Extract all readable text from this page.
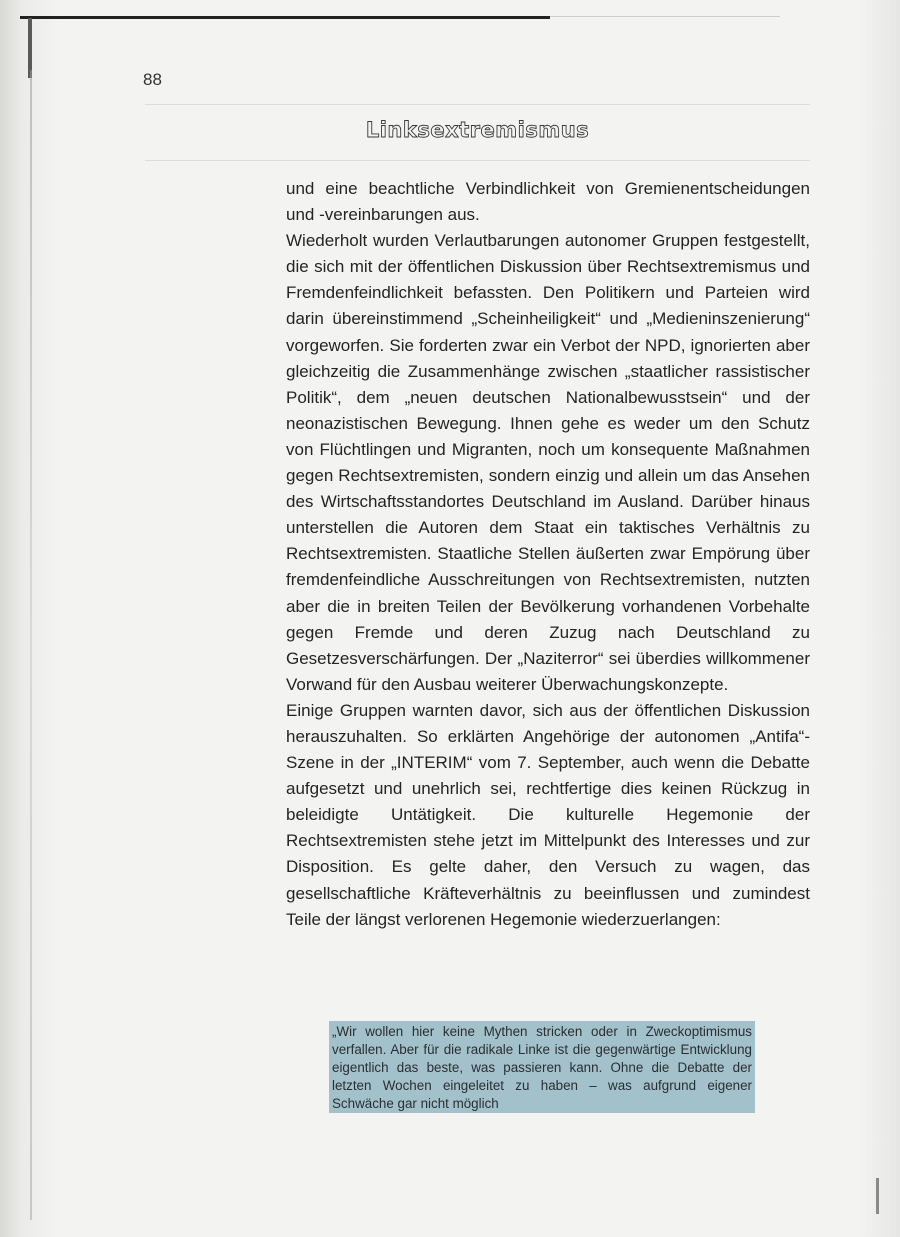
88
Linksextremismus

und eine beachtliche Verbindlichkeit von Gremienentscheidungen und -vereinbarungen aus.

Wiederholt wurden Verlautbarungen autonomer Gruppen festgestellt, die sich mit der öffentlichen Diskussion über Rechtsextremismus und Fremdenfeindlichkeit befassten. Den Politikern und Parteien wird darin übereinstimmend „Scheinheiligkeit“ und „Medieninszenierung“ vorgeworfen. Sie forderten zwar ein Verbot der NPD, ignorierten aber gleichzeitig die Zusammenhänge zwischen „staatlicher rassistischer Politik“, dem „neuen deutschen Nationalbewusstsein“ und der neonazistischen Bewegung. Ihnen gehe es weder um den Schutz von Flüchtlingen und Migranten, noch um konsequente Maßnahmen gegen Rechtsextremisten, sondern einzig und allein um das Ansehen des Wirtschaftsstandortes Deutschland im Ausland. Darüber hinaus unterstellen die Autoren dem Staat ein taktisches Verhältnis zu Rechtsextremisten. Staatliche Stellen äußerten zwar Empörung über fremdenfeindliche Ausschreitungen von Rechtsextremisten, nutzten aber die in breiten Teilen der Bevölkerung vorhandenen Vorbehalte gegen Fremde und deren Zuzug nach Deutschland zu Gesetzesverschärfungen. Der „Naziterror“ sei überdies willkommener Vorwand für den Ausbau weiterer Überwachungskonzepte.

Einige Gruppen warnten davor, sich aus der öffentlichen Diskussion herauszuhalten. So erklärten Angehörige der autonomen „Antifa“-Szene in der „INTERIM“ vom 7. September, auch wenn die Debatte aufgesetzt und unehrlich sei, rechtfertige dies keinen Rückzug in beleidigte Untätigkeit. Die kulturelle Hegemonie der Rechtsextremisten stehe jetzt im Mittelpunkt des Interesses und zur Disposition. Es gelte daher, den Versuch zu wagen, das gesellschaftliche Kräfteverhältnis zu beeinflussen und zumindest Teile der längst verlorenen Hegemonie wiederzuerlangen:

„Wir wollen hier keine Mythen stricken oder in Zweckoptimismus verfallen. Aber für die radikale Linke ist die gegenwärtige Entwicklung eigentlich das beste, was passieren kann. Ohne die Debatte der letzten Wochen eingeleitet zu haben – was aufgrund eigener Schwäche gar nicht möglich
